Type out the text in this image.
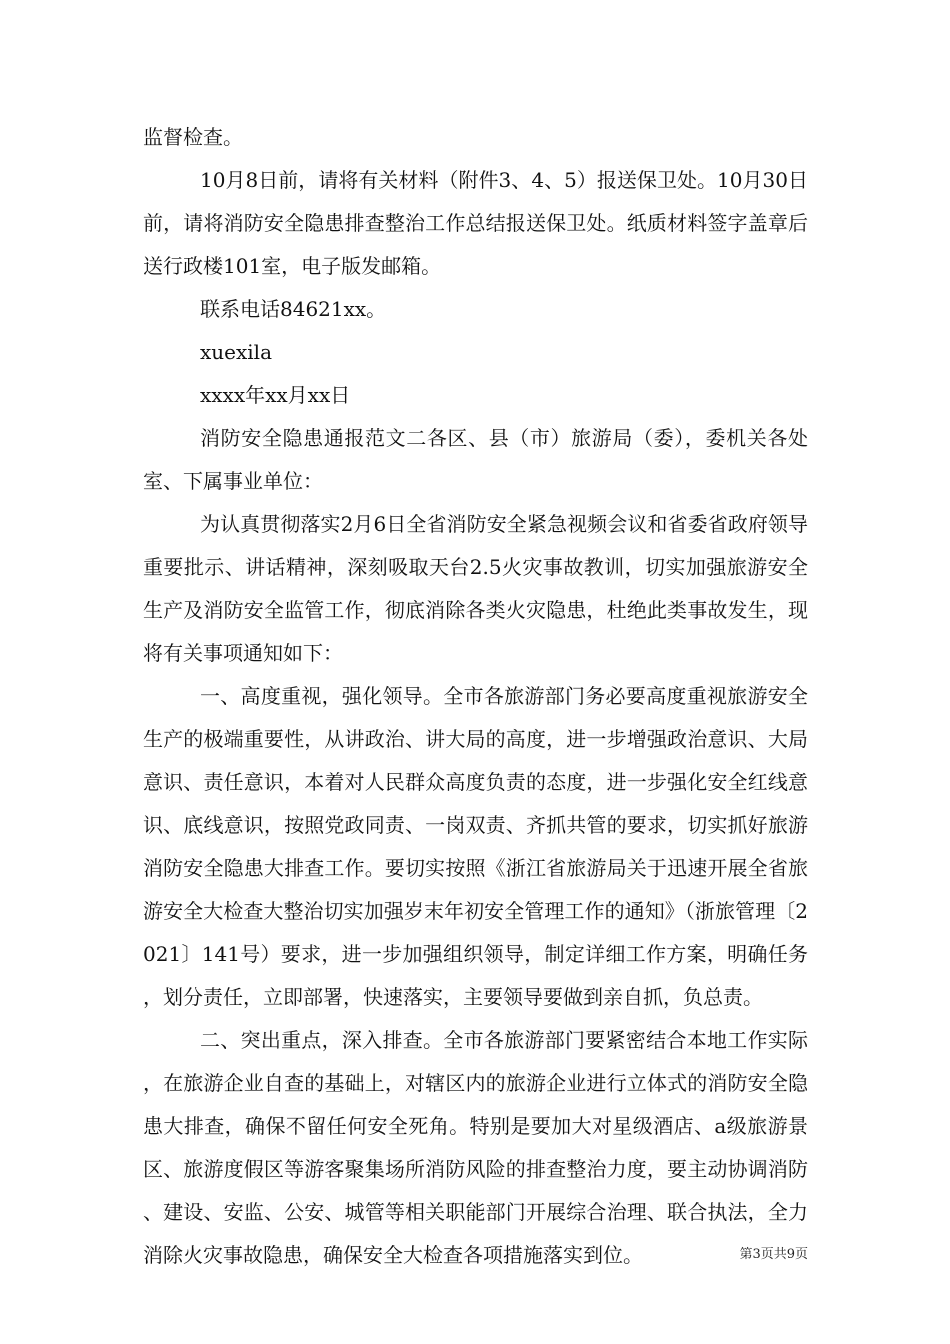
监督检查。

10月8日前，请将有关材料（附件3、4、5）报送保卫处。10月30日前，请将消防安全隐患排查整治工作总结报送保卫处。纸质材料签字盖章后送行政楼101室，电子版发邮箱。

联系电话84621xx。

xuexila

xxxx年xx月xx日

消防安全隐患通报范文二各区、县（市）旅游局（委），委机关各处室、下属事业单位：

为认真贯彻落实2月6日全省消防安全紧急视频会议和省委省政府领导重要批示、讲话精神，深刻吸取天台2.5火灾事故教训，切实加强旅游安全生产及消防安全监管工作，彻底消除各类火灾隐患，杜绝此类事故发生，现将有关事项通知如下：

一、高度重视，强化领导。全市各旅游部门务必要高度重视旅游安全生产的极端重要性，从讲政治、讲大局的高度，进一步增强政治意识、大局意识、责任意识，本着对人民群众高度负责的态度，进一步强化安全红线意识、底线意识，按照党政同责、一岗双责、齐抓共管的要求，切实抓好旅游消防安全隐患大排查工作。要切实按照《浙江省旅游局关于迅速开展全省旅游安全大检查大整治切实加强岁末年初安全管理工作的通知》（浙旅管理〔2021〕141号）要求，进一步加强组织领导，制定详细工作方案，明确任务，划分责任，立即部署，快速落实，主要领导要做到亲自抓，负总责。

二、突出重点，深入排查。全市各旅游部门要紧密结合本地工作实际，在旅游企业自查的基础上，对辖区内的旅游企业进行立体式的消防安全隐患大排查，确保不留任何安全死角。特别是要加大对星级酒店、a级旅游景区、旅游度假区等游客聚集场所消防风险的排查整治力度，要主动协调消防、建设、安监、公安、城管等相关职能部门开展综合治理、联合执法，全力消除火灾事故隐患，确保安全大检查各项措施落实到位。	第3页共9页
